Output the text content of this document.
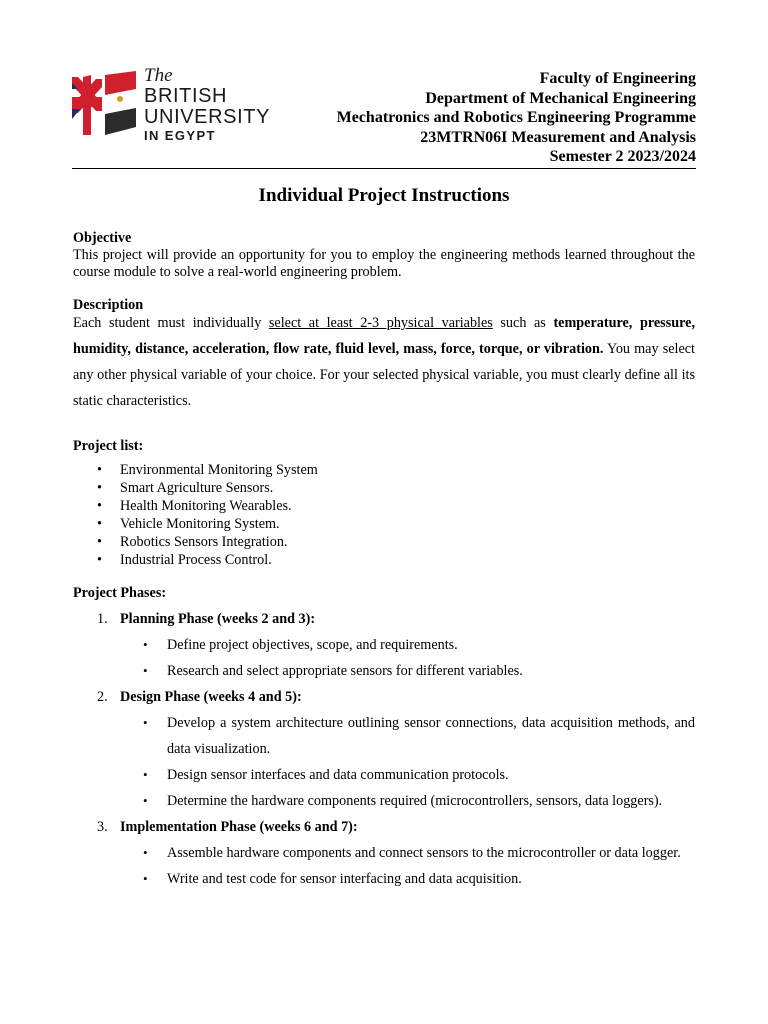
The
BRITISH
UNIVERSITY
IN EGYPT
Faculty of Engineering
Department of Mechanical Engineering
Mechatronics and Robotics Engineering Programme
23MTRN06I Measurement and Analysis
Semester 2 2023/2024
Individual Project Instructions
Objective
This project will provide an opportunity for you to employ the engineering methods learned throughout the course module to solve a real-world engineering problem.
Description
Each student must individually select at least 2-3 physical variables such as temperature, pressure, humidity, distance, acceleration, flow rate, fluid level, mass, force, torque, or vibration. You may select any other physical variable of your choice. For your selected physical variable, you must clearly define all its static characteristics.
Project list:
• Environmental Monitoring System
• Smart Agriculture Sensors.
• Health Monitoring Wearables.
• Vehicle Monitoring System.
• Robotics Sensors Integration.
• Industrial Process Control.
Project Phases:
1. Planning Phase (weeks 2 and 3):
• Define project objectives, scope, and requirements.
• Research and select appropriate sensors for different variables.
2. Design Phase (weeks 4 and 5):
• Develop a system architecture outlining sensor connections, data acquisition methods, and data visualization.
• Design sensor interfaces and data communication protocols.
• Determine the hardware components required (microcontrollers, sensors, data loggers).
3. Implementation Phase (weeks 6 and 7):
• Assemble hardware components and connect sensors to the microcontroller or data logger.
• Write and test code for sensor interfacing and data acquisition.
